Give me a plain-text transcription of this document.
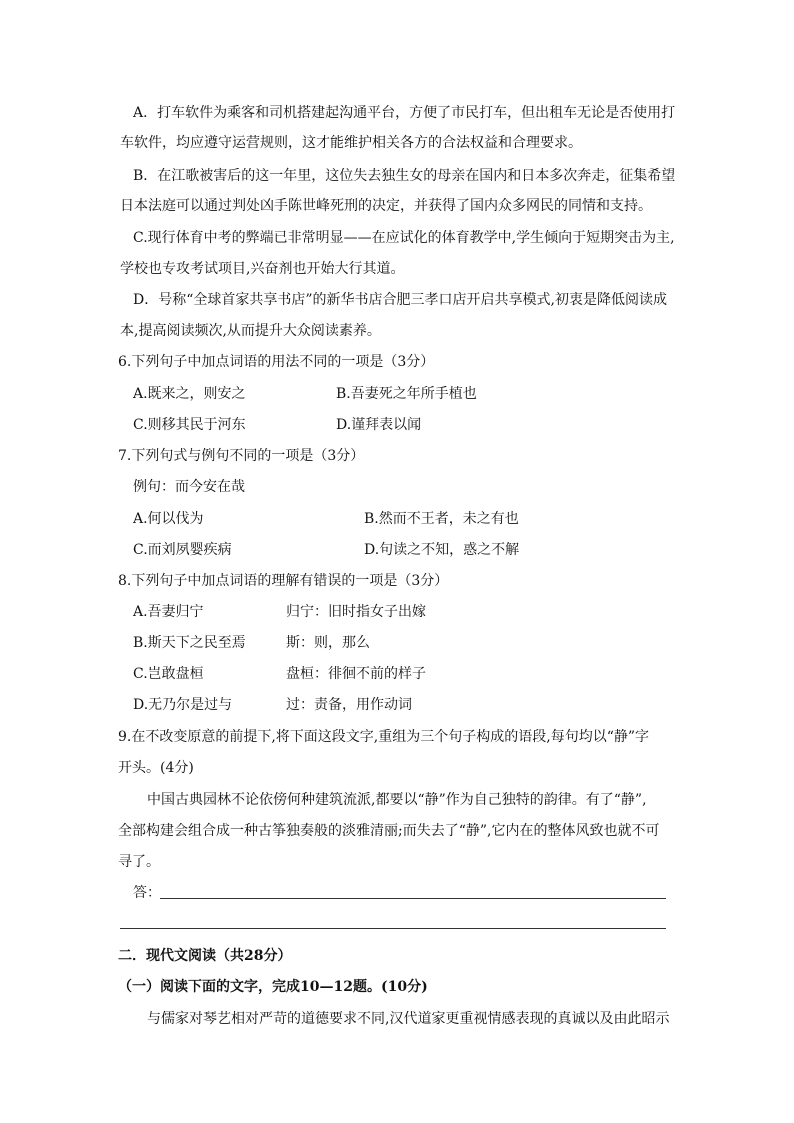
A．打车软件为乘客和司机搭建起沟通平台，方便了市民打车，但出租车无论是否使用打
车软件，均应遵守运营规则，这才能维护相关各方的合法权益和合理要求。
B．在江歌被害后的这一年里，这位失去独生女的母亲在国内和日本多次奔走，征集希望
日本法庭可以通过判处凶手陈世峰死刑的决定，并获得了国内众多网民的同情和支持。
C.现行体育中考的弊端已非常明显——在应试化的体育教学中,学生倾向于短期突击为主,
学校也专攻考试项目,兴奋剂也开始大行其道。
D．号称“全球首家共享书店”的新华书店合肥三孝口店开启共享模式,初衷是降低阅读成
本,提高阅读频次,从而提升大众阅读素养。
6.下列句子中加点词语的用法不同的一项是（3分）
A.既来之，则安之	B.吾妻死之年所手植也
C.则移其民于河东	D.谨拜表以闻
7.下列句式与例句不同的一项是（3分）
例句：而今安在哉
A.何以伐为	B.然而不王者，未之有也
C.而刘夙婴疾病	D.句读之不知，惑之不解
8.下列句子中加点词语的理解有错误的一项是（3分）
A.吾妻归宁	归宁：旧时指女子出嫁
B.斯天下之民至焉	斯：则，那么
C.岂敢盘桓	盘桓：徘徊不前的样子
D.无乃尔是过与	过：责备，用作动词
9.在不改变原意的前提下,将下面这段文字,重组为三个句子构成的语段,每句均以“静”字
开头。(4分)
中国古典园林不论依傍何种建筑流派,都要以“静”作为自己独特的韵律。有了“静”,
全部构建会组合成一种古筝独奏般的淡雅清丽;而失去了“静”,它内在的整体风致也就不可
寻了。
答：
二．现代文阅读（共28分）
（一）阅读下面的文字，完成10—12题。(10分)
与儒家对琴艺相对严苛的道德要求不同,汉代道家更重视情感表现的真诚以及由此昭示
